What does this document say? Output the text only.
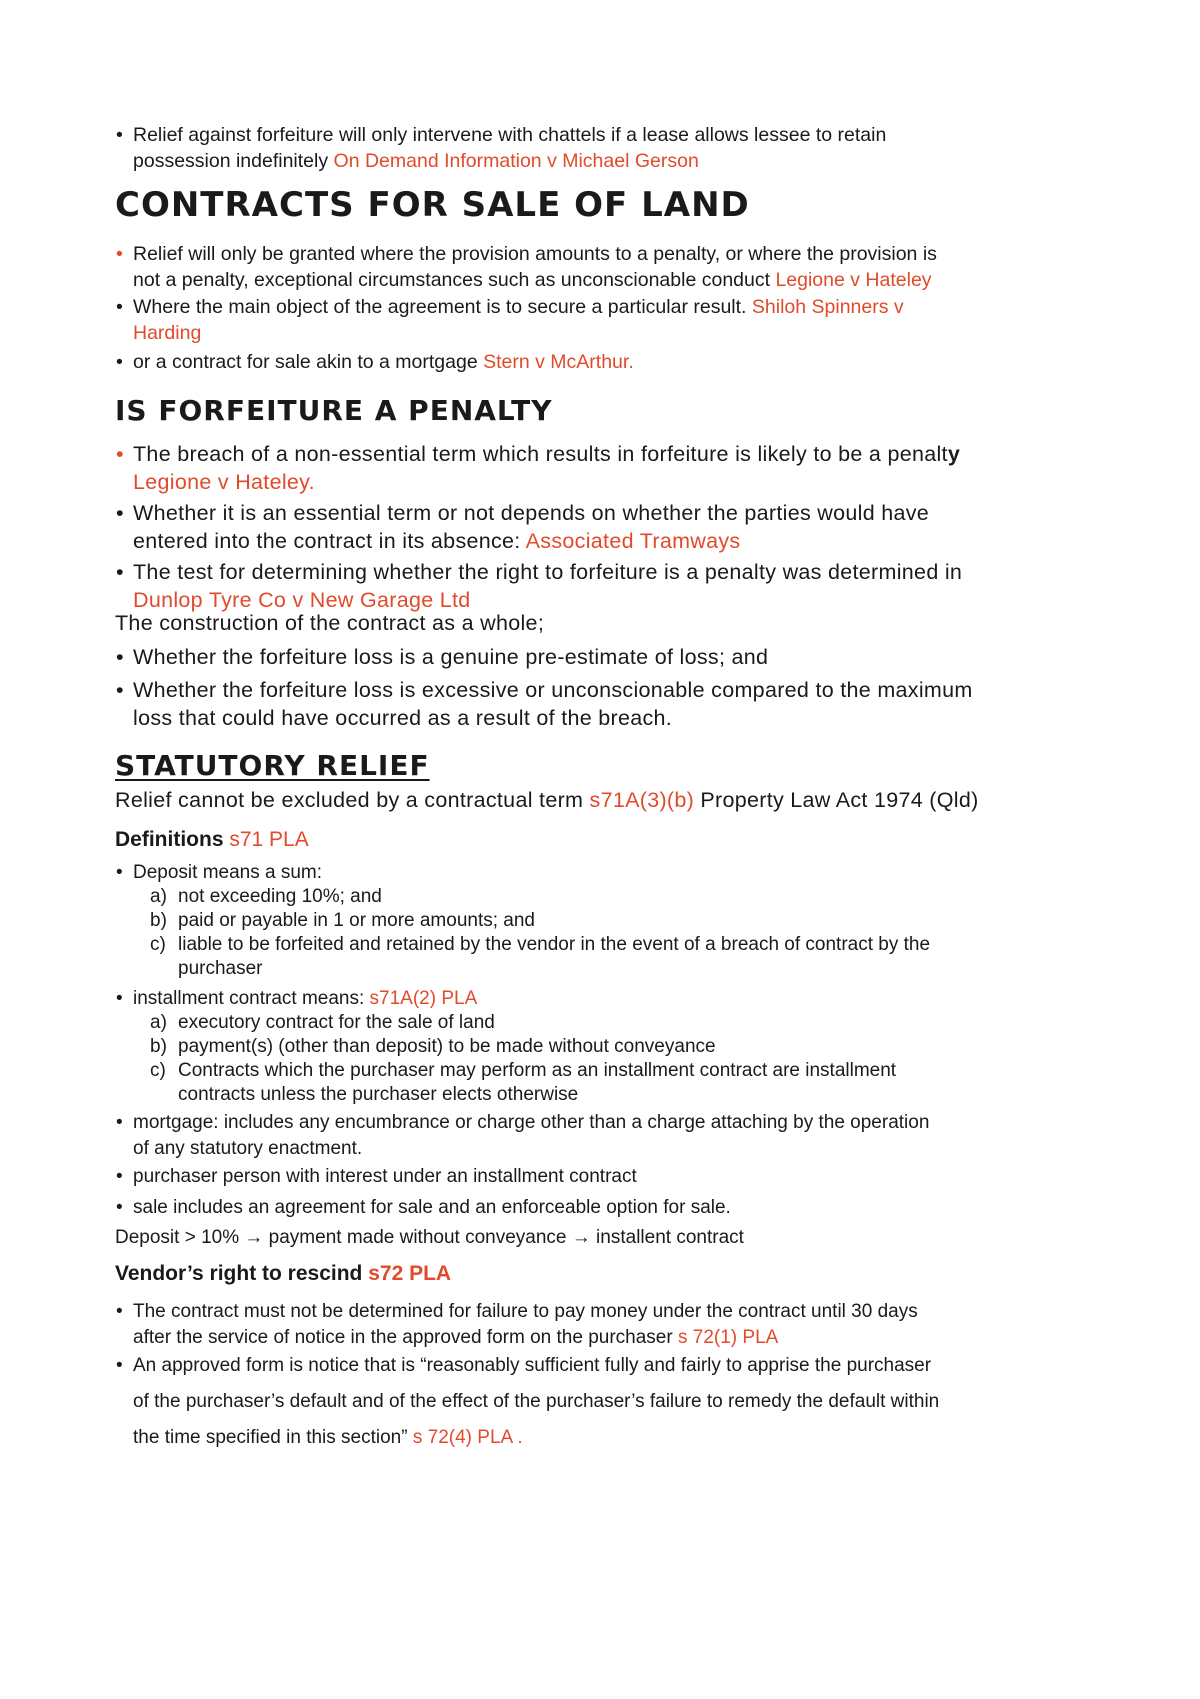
• Relief against forfeiture will only intervene with chattels if a lease allows lessee to retain
possession indefinitely On Demand Information v Michael Gerson
CONTRACTS FOR SALE OF LAND
• Relief will only be granted where the provision amounts to a penalty, or where the provision is
not a penalty, exceptional circumstances such as unconscionable conduct Legione v Hateley
• Where the main object of the agreement is to secure a particular result. Shiloh Spinners v
Harding
• or a contract for sale akin to a mortgage Stern v McArthur.
IS FORFEITURE A PENALTY
• The breach of a non-essential term which results in forfeiture is likely to be a penalty
Legione v Hateley.
• Whether it is an essential term or not depends on whether the parties would have
entered into the contract in its absence: Associated Tramways
• The test for determining whether the right to forfeiture is a penalty was determined in
Dunlop Tyre Co v New Garage Ltd
The construction of the contract as a whole;
• Whether the forfeiture loss is a genuine pre-estimate of loss; and
• Whether the forfeiture loss is excessive or unconscionable compared to the maximum
loss that could have occurred as a result of the breach.
STATUTORY RELIEF
Relief cannot be excluded by a contractual term s71A(3)(b) Property Law Act 1974 (Qld)
Definitions s71 PLA
• Deposit means a sum:
a) not exceeding 10%; and
b) paid or payable in 1 or more amounts; and
c) liable to be forfeited and retained by the vendor in the event of a breach of contract by the
purchaser
• installment contract means: s71A(2) PLA
a) executory contract for the sale of land
b) payment(s) (other than deposit) to be made without conveyance
c) Contracts which the purchaser may perform as an installment contract are installment
contracts unless the purchaser elects otherwise
• mortgage: includes any encumbrance or charge other than a charge attaching by the operation
of any statutory enactment.
• purchaser person with interest under an installment contract
• sale includes an agreement for sale and an enforceable option for sale.
Deposit > 10% → payment made without conveyance → installent contract
Vendor’s right to rescind s72 PLA
• The contract must not be determined for failure to pay money under the contract until 30 days
after the service of notice in the approved form on the purchaser s 72(1) PLA
• An approved form is notice that is “reasonably sufficient fully and fairly to apprise the purchaser
of the purchaser’s default and of the effect of the purchaser’s failure to remedy the default within
the time specified in this section” s 72(4) PLA .
